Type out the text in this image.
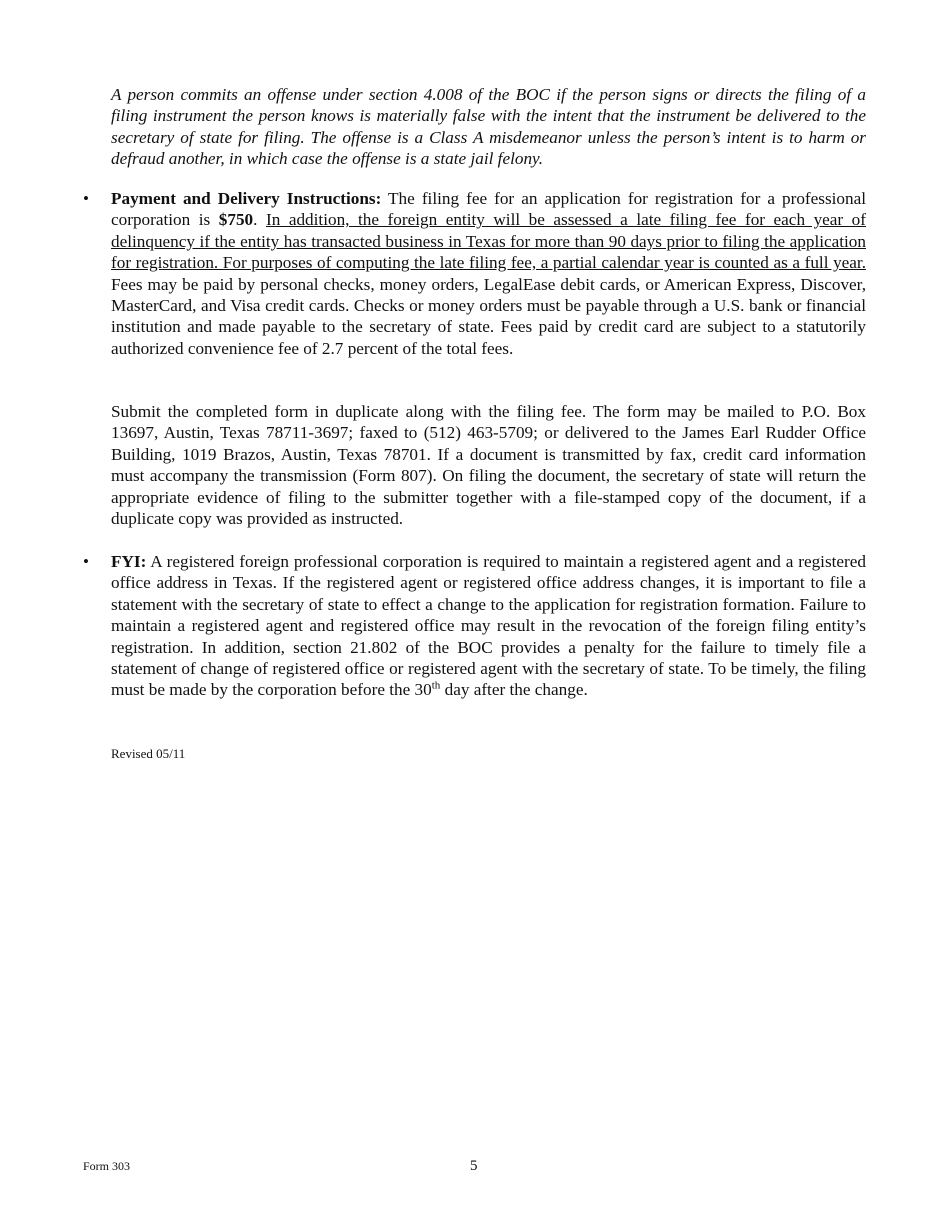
A person commits an offense under section 4.008 of the BOC if the person signs or directs the filing of a filing instrument the person knows is materially false with the intent that the instrument be delivered to the secretary of state for filing. The offense is a Class A misdemeanor unless the person’s intent is to harm or defraud another, in which case the offense is a state jail felony.

• Payment and Delivery Instructions: The filing fee for an application for registration for a professional corporation is $750. In addition, the foreign entity will be assessed a late filing fee for each year of delinquency if the entity has transacted business in Texas for more than 90 days prior to filing the application for registration. For purposes of computing the late filing fee, a partial calendar year is counted as a full year. Fees may be paid by personal checks, money orders, LegalEase debit cards, or American Express, Discover, MasterCard, and Visa credit cards. Checks or money orders must be payable through a U.S. bank or financial institution and made payable to the secretary of state. Fees paid by credit card are subject to a statutorily authorized convenience fee of 2.7 percent of the total fees.

Submit the completed form in duplicate along with the filing fee. The form may be mailed to P.O. Box 13697, Austin, Texas 78711-3697; faxed to (512) 463-5709; or delivered to the James Earl Rudder Office Building, 1019 Brazos, Austin, Texas 78701. If a document is transmitted by fax, credit card information must accompany the transmission (Form 807). On filing the document, the secretary of state will return the appropriate evidence of filing to the submitter together with a file-stamped copy of the document, if a duplicate copy was provided as instructed.

• FYI: A registered foreign professional corporation is required to maintain a registered agent and a registered office address in Texas. If the registered agent or registered office address changes, it is important to file a statement with the secretary of state to effect a change to the application for registration formation. Failure to maintain a registered agent and registered office may result in the revocation of the foreign filing entity’s registration. In addition, section 21.802 of the BOC provides a penalty for the failure to timely file a statement of change of registered office or registered agent with the secretary of state. To be timely, the filing must be made by the corporation before the 30th day after the change.

Revised 05/11
Form 303	5
